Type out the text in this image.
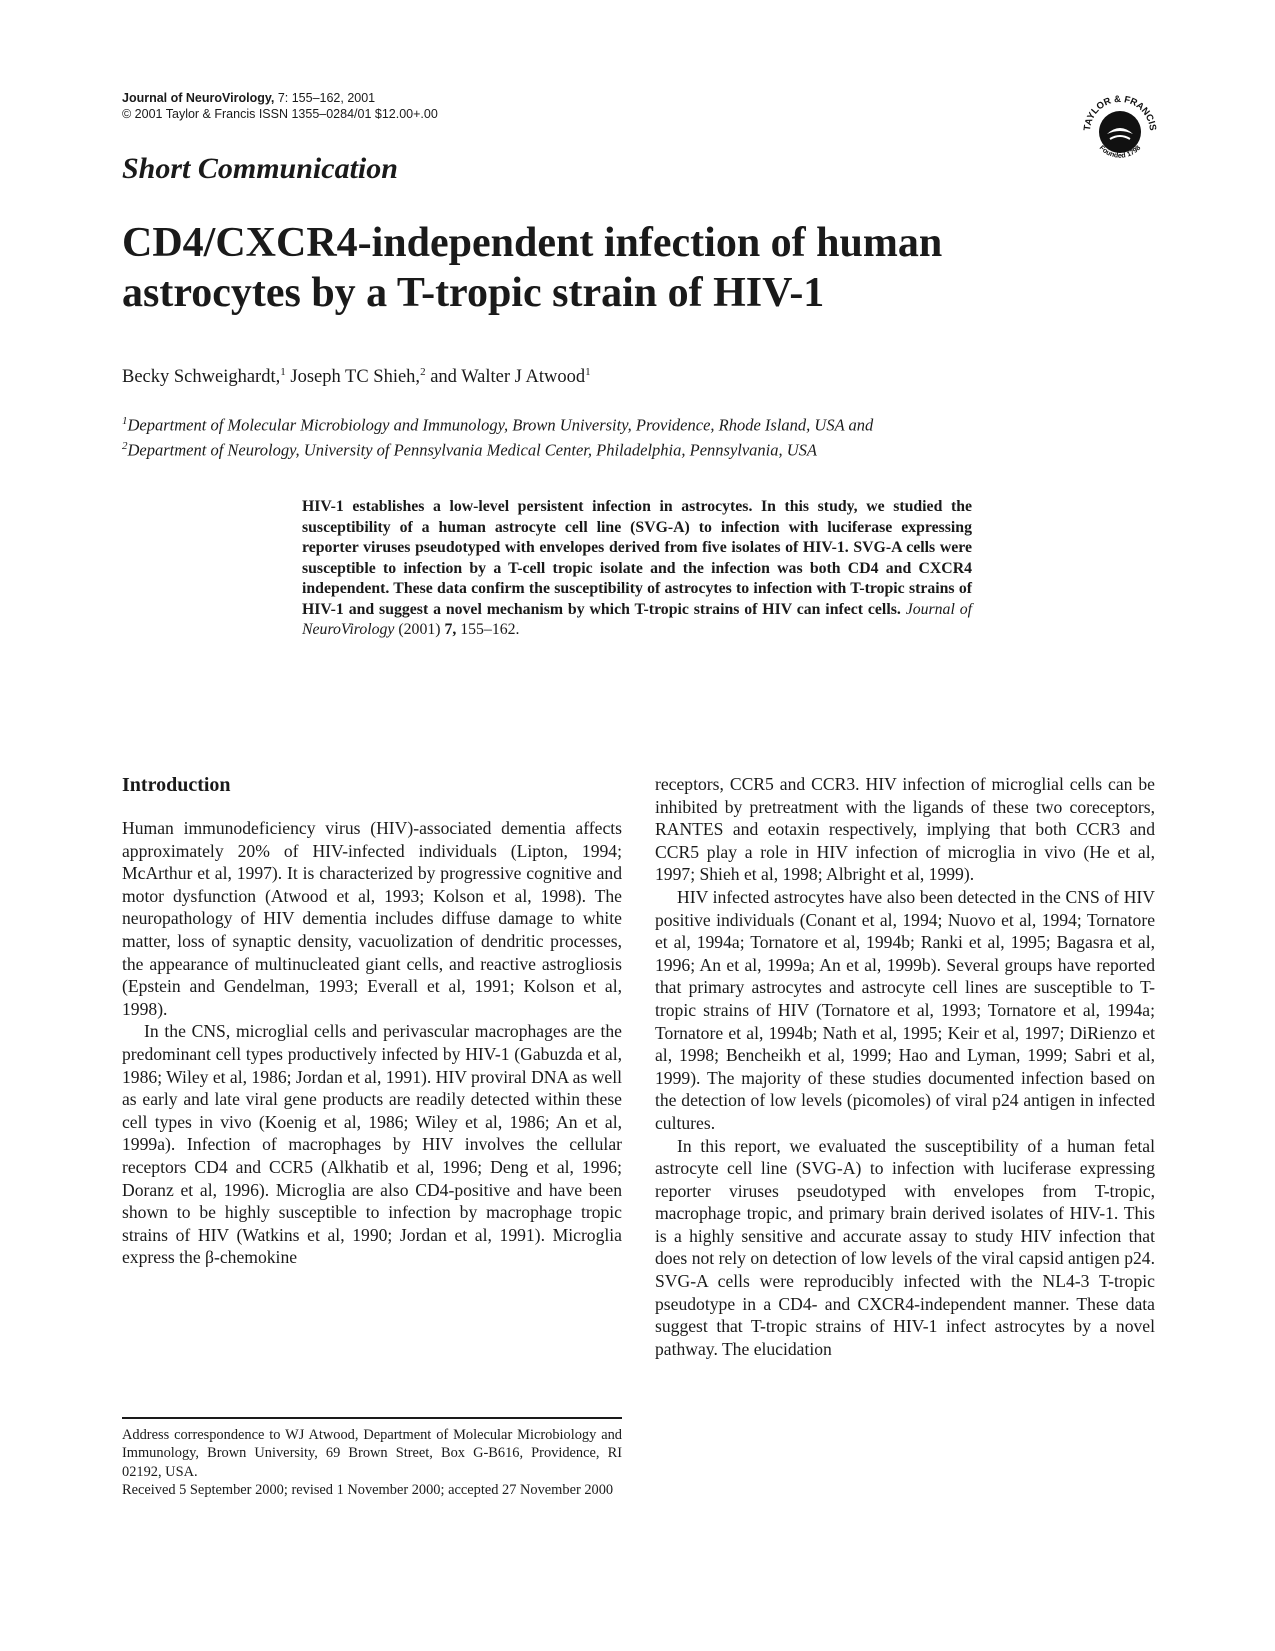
Journal of NeuroVirology, 7: 155–162, 2001
© 2001 Taylor & Francis ISSN 1355–0284/01 $12.00+.00
TAYLOR & FRANCIS
Founded 1798
Short Communication
CD4/CXCR4-independent infection of human astrocytes by a T-tropic strain of HIV-1
Becky Schweighardt,$^1$ Joseph TC Shieh,$^2$ and Walter J Atwood$^1$
$^1$Department of Molecular Microbiology and Immunology, Brown University, Providence, Rhode Island, USA and
$^2$Department of Neurology, University of Pennsylvania Medical Center, Philadelphia, Pennsylvania, USA
HIV-1 establishes a low-level persistent infection in astrocytes. In this study, we studied the susceptibility of a human astrocyte cell line (SVG-A) to infection with luciferase expressing reporter viruses pseudotyped with envelopes derived from five isolates of HIV-1. SVG-A cells were susceptible to infection by a T-cell tropic isolate and the infection was both CD4 and CXCR4 independent. These data confirm the susceptibility of astrocytes to infection with T-tropic strains of HIV-1 and suggest a novel mechanism by which T-tropic strains of HIV can infect cells. Journal of NeuroVirology (2001) 7, 155–162.
Introduction

Human immunodeficiency virus (HIV)-associated dementia affects approximately 20% of HIV-infected individuals (Lipton, 1994; McArthur et al, 1997). It is characterized by progressive cognitive and motor dysfunction (Atwood et al, 1993; Kolson et al, 1998). The neuropathology of HIV dementia includes diffuse damage to white matter, loss of synaptic density, vacuolization of dendritic processes, the appearance of multinucleated giant cells, and reactive astrogliosis (Epstein and Gendelman, 1993; Everall et al, 1991; Kolson et al, 1998).

In the CNS, microglial cells and perivascular macrophages are the predominant cell types productively infected by HIV-1 (Gabuzda et al, 1986; Wiley et al, 1986; Jordan et al, 1991). HIV proviral DNA as well as early and late viral gene products are readily detected within these cell types in vivo (Koenig et al, 1986; Wiley et al, 1986; An et al, 1999a). Infection of macrophages by HIV involves the cellular receptors CD4 and CCR5 (Alkhatib et al, 1996; Deng et al, 1996; Doranz et al, 1996). Microglia are also CD4-positive and have been shown to be highly susceptible to infection by macrophage tropic strains of HIV (Watkins et al, 1990; Jordan et al, 1991). Microglia express the β-chemokine

receptors, CCR5 and CCR3. HIV infection of microglial cells can be inhibited by pretreatment with the ligands of these two coreceptors, RANTES and eotaxin respectively, implying that both CCR3 and CCR5 play a role in HIV infection of microglia in vivo (He et al, 1997; Shieh et al, 1998; Albright et al, 1999).

HIV infected astrocytes have also been detected in the CNS of HIV positive individuals (Conant et al, 1994; Nuovo et al, 1994; Tornatore et al, 1994a; Tornatore et al, 1994b; Ranki et al, 1995; Bagasra et al, 1996; An et al, 1999a; An et al, 1999b). Several groups have reported that primary astrocytes and astrocyte cell lines are susceptible to T-tropic strains of HIV (Tornatore et al, 1993; Tornatore et al, 1994a; Tornatore et al, 1994b; Nath et al, 1995; Keir et al, 1997; DiRienzo et al, 1998; Bencheikh et al, 1999; Hao and Lyman, 1999; Sabri et al, 1999). The majority of these studies documented infection based on the detection of low levels (picomoles) of viral p24 antigen in infected cultures.

In this report, we evaluated the susceptibility of a human fetal astrocyte cell line (SVG-A) to infection with luciferase expressing reporter viruses pseudotyped with envelopes from T-tropic, macrophage tropic, and primary brain derived isolates of HIV-1. This is a highly sensitive and accurate assay to study HIV infection that does not rely on detection of low levels of the viral capsid antigen p24. SVG-A cells were reproducibly infected with the NL4-3 T-tropic pseudotype in a CD4- and CXCR4-independent manner. These data suggest that T-tropic strains of HIV-1 infect astrocytes by a novel pathway. The elucidation

Address correspondence to WJ Atwood, Department of Molecular Microbiology and Immunology, Brown University, 69 Brown Street, Box G-B616, Providence, RI 02192, USA.

Received 5 September 2000; revised 1 November 2000; accepted 27 November 2000
